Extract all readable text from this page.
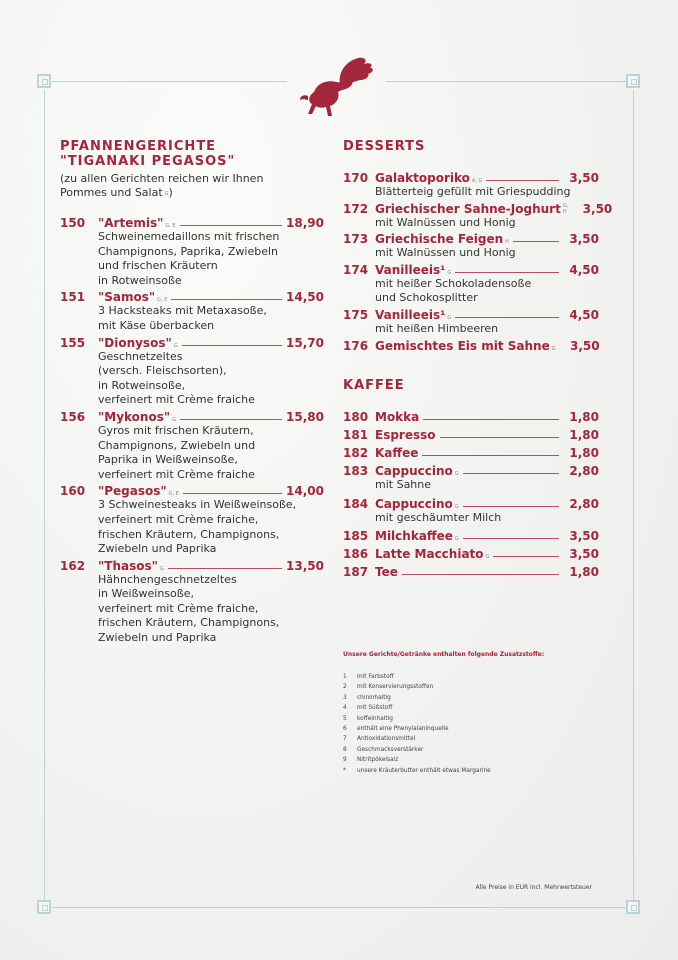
PFANNENGERICHTE
"TIGANAKI PEGASOS"
(zu allen Gerichten reichen wir Ihnen
Pommes und Salat G)
150	"Artemis" G, E	18,90
Schweinemedaillons mit frischen
Champignons, Paprika, Zwiebeln
und frischen Kräutern
in Rotweinsoße
151	"Samos" G, E	14,50
3 Hacksteaks mit Metaxasoße,
mit Käse überbacken
155	"Dionysos" G	15,70
Geschnetzeltes
(versch. Fleischsorten),
in Rotweinsoße,
verfeinert mit Crème fraiche
156	"Mykonos" G	15,80
Gyros mit frischen Kräutern,
Champignons, Zwiebeln und
Paprika in Weißweinsoße,
verfeinert mit Crème fraiche
160	"Pegasos" G, E	14,00
3 Schweinesteaks in Weißweinsoße,
verfeinert mit Crème fraiche,
frischen Kräutern, Champignons,
Zwiebeln und Paprika
162	"Thasos" G	13,50
Hähnchengeschnetzeltes
in Weißweinsoße,
verfeinert mit Crème fraiche,
frischen Kräutern, Champignons,
Zwiebeln und Paprika
DESSERTS
170 Galaktoporiko A, G	3,50
Blätterteig gefüllt mit Griespudding
172 Griechischer Sahne-Joghurt G, H	3,50
mit Walnüssen und Honig
173 Griechische Feigen H	3,50
mit Walnüssen und Honig
174 Vanilleeis¹ G	4,50
mit heißer Schokoladensoße
und Schokosplitter
175 Vanilleeis¹ G	4,50
mit heißen Himbeeren
176 Gemischtes Eis mit Sahne G	3,50
KAFFEE
180 Mokka	1,80
181 Espresso	1,80
182 Kaffee	1,80
183 Cappuccino G	2,80
mit Sahne
184 Cappuccino G	2,80
mit geschäumter Milch
185 Milchkaffee G	3,50
186 Latte Macchiato G	3,50
187 Tee	1,80
Unsere Gerichte/Getränke enthalten folgende Zusatzstoffe:
1	mit Farbstoff
2	mit Konservierungsstoffen
3	chininhaltig
4	mit Süßstoff
5	koffeinhaltig
6	enthält eine Phenylalaninquelle
7	Antioxidationsmittel
8	Geschmacksverstärker
9	Nitritpökelsalz
*	unsere Kräuterbutter enthält etwas Margarine
Alle Preise in EUR incl. Mehrwertsteuer
